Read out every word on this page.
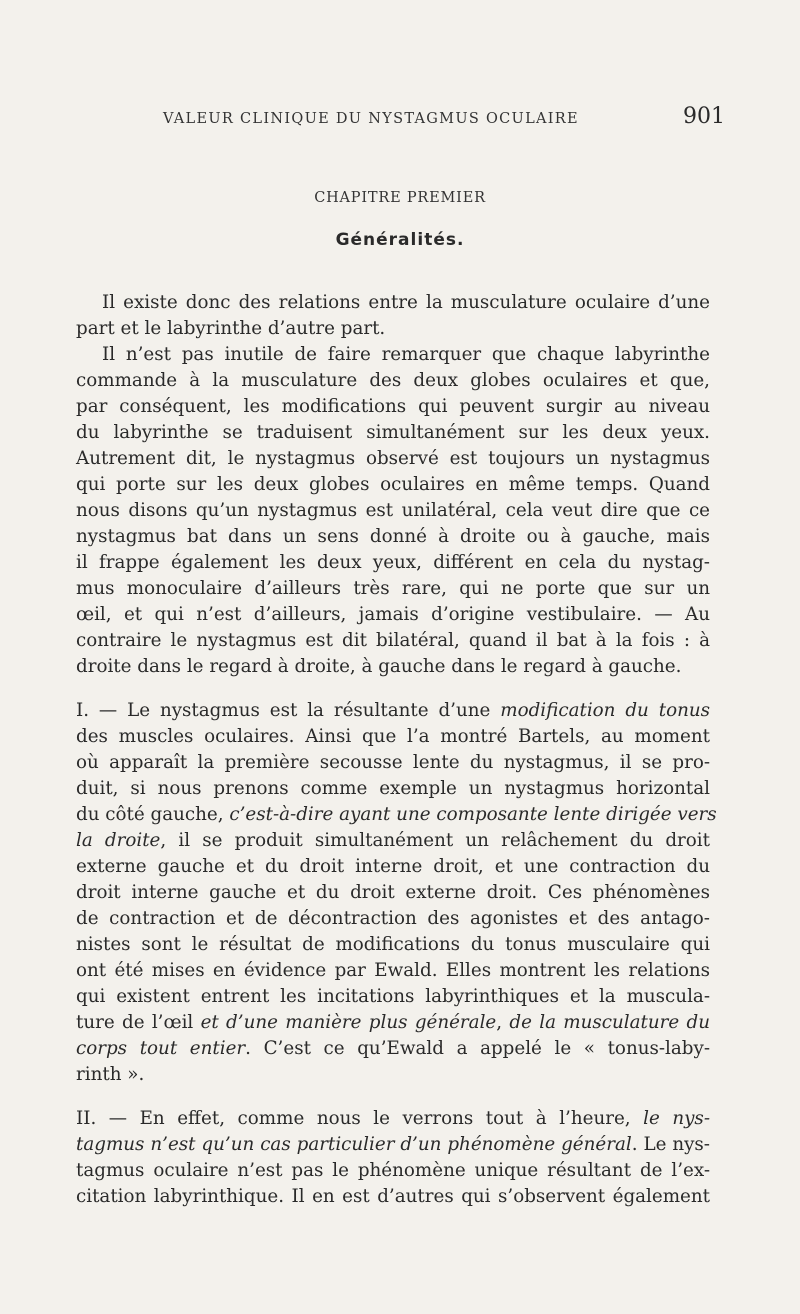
VALEUR CLINIQUE DU NYSTAGMUS OCULAIRE	901
CHAPITRE PREMIER
Généralités.
Il existe donc des relations entre la musculature oculaire d’une
part et le labyrinthe d’autre part.
Il n’est pas inutile de faire remarquer que chaque labyrinthe
commande à la musculature des deux globes oculaires et que,
par conséquent, les modifications qui peuvent surgir au niveau
du labyrinthe se traduisent simultanément sur les deux yeux.
Autrement dit, le nystagmus observé est toujours un nystagmus
qui porte sur les deux globes oculaires en même temps. Quand
nous disons qu’un nystagmus est unilatéral, cela veut dire que ce
nystagmus bat dans un sens donné à droite ou à gauche, mais
il frappe également les deux yeux, différent en cela du nystag-
mus monoculaire d’ailleurs très rare, qui ne porte que sur un
œil, et qui n’est d’ailleurs, jamais d’origine vestibulaire. — Au
contraire le nystagmus est dit bilatéral, quand il bat à la fois : à
droite dans le regard à droite, à gauche dans le regard à gauche.
I. — Le nystagmus est la résultante d’une modification du tonus
des muscles oculaires. Ainsi que l’a montré Bartels, au moment
où apparaît la première secousse lente du nystagmus, il se pro-
duit, si nous prenons comme exemple un nystagmus horizontal
du côté gauche, c’est-à-dire ayant une composante lente dirigée vers
la droite, il se produit simultanément un relâchement du droit
externe gauche et du droit interne droit, et une contraction du
droit interne gauche et du droit externe droit. Ces phénomènes
de contraction et de décontraction des agonistes et des antago-
nistes sont le résultat de modifications du tonus musculaire qui
ont été mises en évidence par Ewald. Elles montrent les relations
qui existent entrent les incitations labyrinthiques et la muscula-
ture de l’œil et d’une manière plus générale, de la musculature du
corps tout entier. C’est ce qu’Ewald a appelé le « tonus-laby-
rinth ».
II. — En effet, comme nous le verrons tout à l’heure, le nys-
tagmus n’est qu’un cas particulier d’un phénomène général. Le nys-
tagmus oculaire n’est pas le phénomène unique résultant de l’ex-
citation labyrinthique. Il en est d’autres qui s’observent également
